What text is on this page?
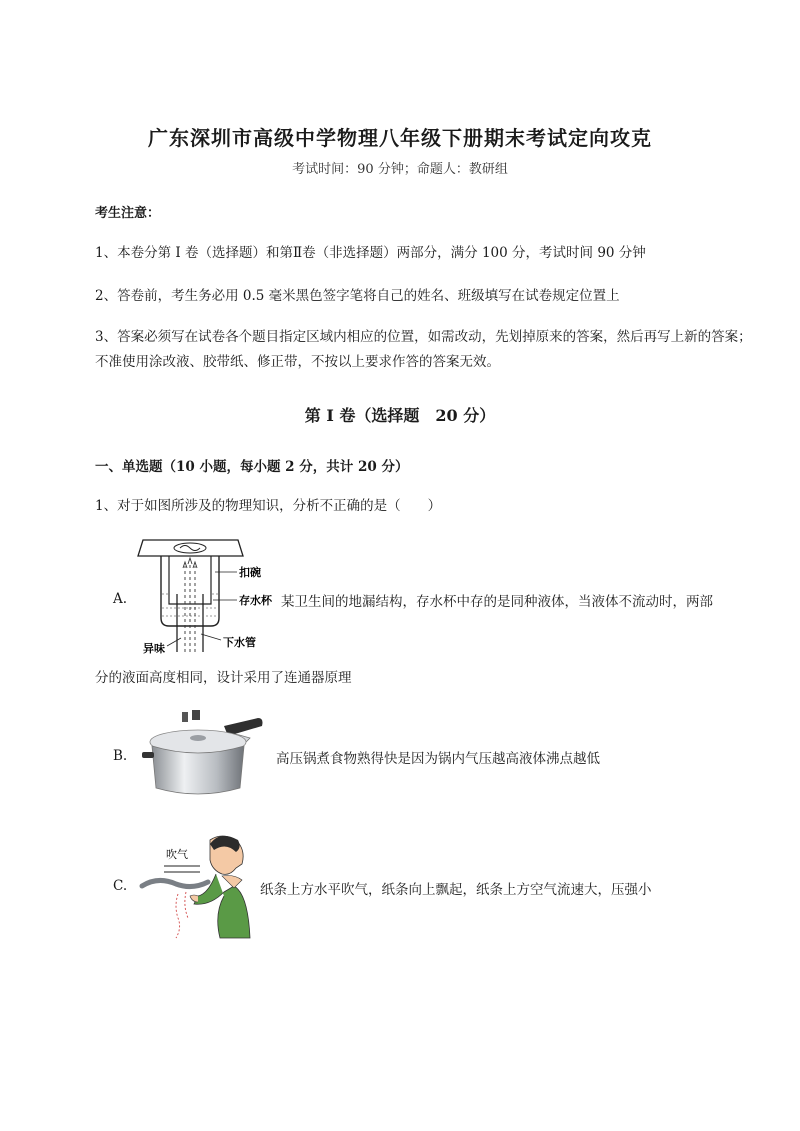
广东深圳市高级中学物理八年级下册期末考试定向攻克
考试时间：90 分钟；命题人：教研组
考生注意：
1、本卷分第 I 卷（选择题）和第Ⅱ卷（非选择题）两部分，满分 100 分，考试时间 90 分钟
2、答卷前，考生务必用 0.5 毫米黑色签字笔将自己的姓名、班级填写在试卷规定位置上
3、答案必须写在试卷各个题目指定区域内相应的位置，如需改动，先划掉原来的答案，然后再写上新的答案；不准使用涂改液、胶带纸、修正带，不按以上要求作答的答案无效。
第 I 卷（选择题　20 分）
一、单选题（10 小题，每小题 2 分，共计 20 分）
1、对于如图所涉及的物理知识，分析不正确的是（　　）
A.
扣碗
存水杯
异味	下水管
某卫生间的地漏结构，存水杯中存的是同种液体，当液体不流动时，两部
分的液面高度相同，设计采用了连通器原理
B.	高压锅煮食物熟得快是因为锅内气压越高液体沸点越低
C.
吹气
纸条上方水平吹气，纸条向上飘起，纸条上方空气流速大，压强小
